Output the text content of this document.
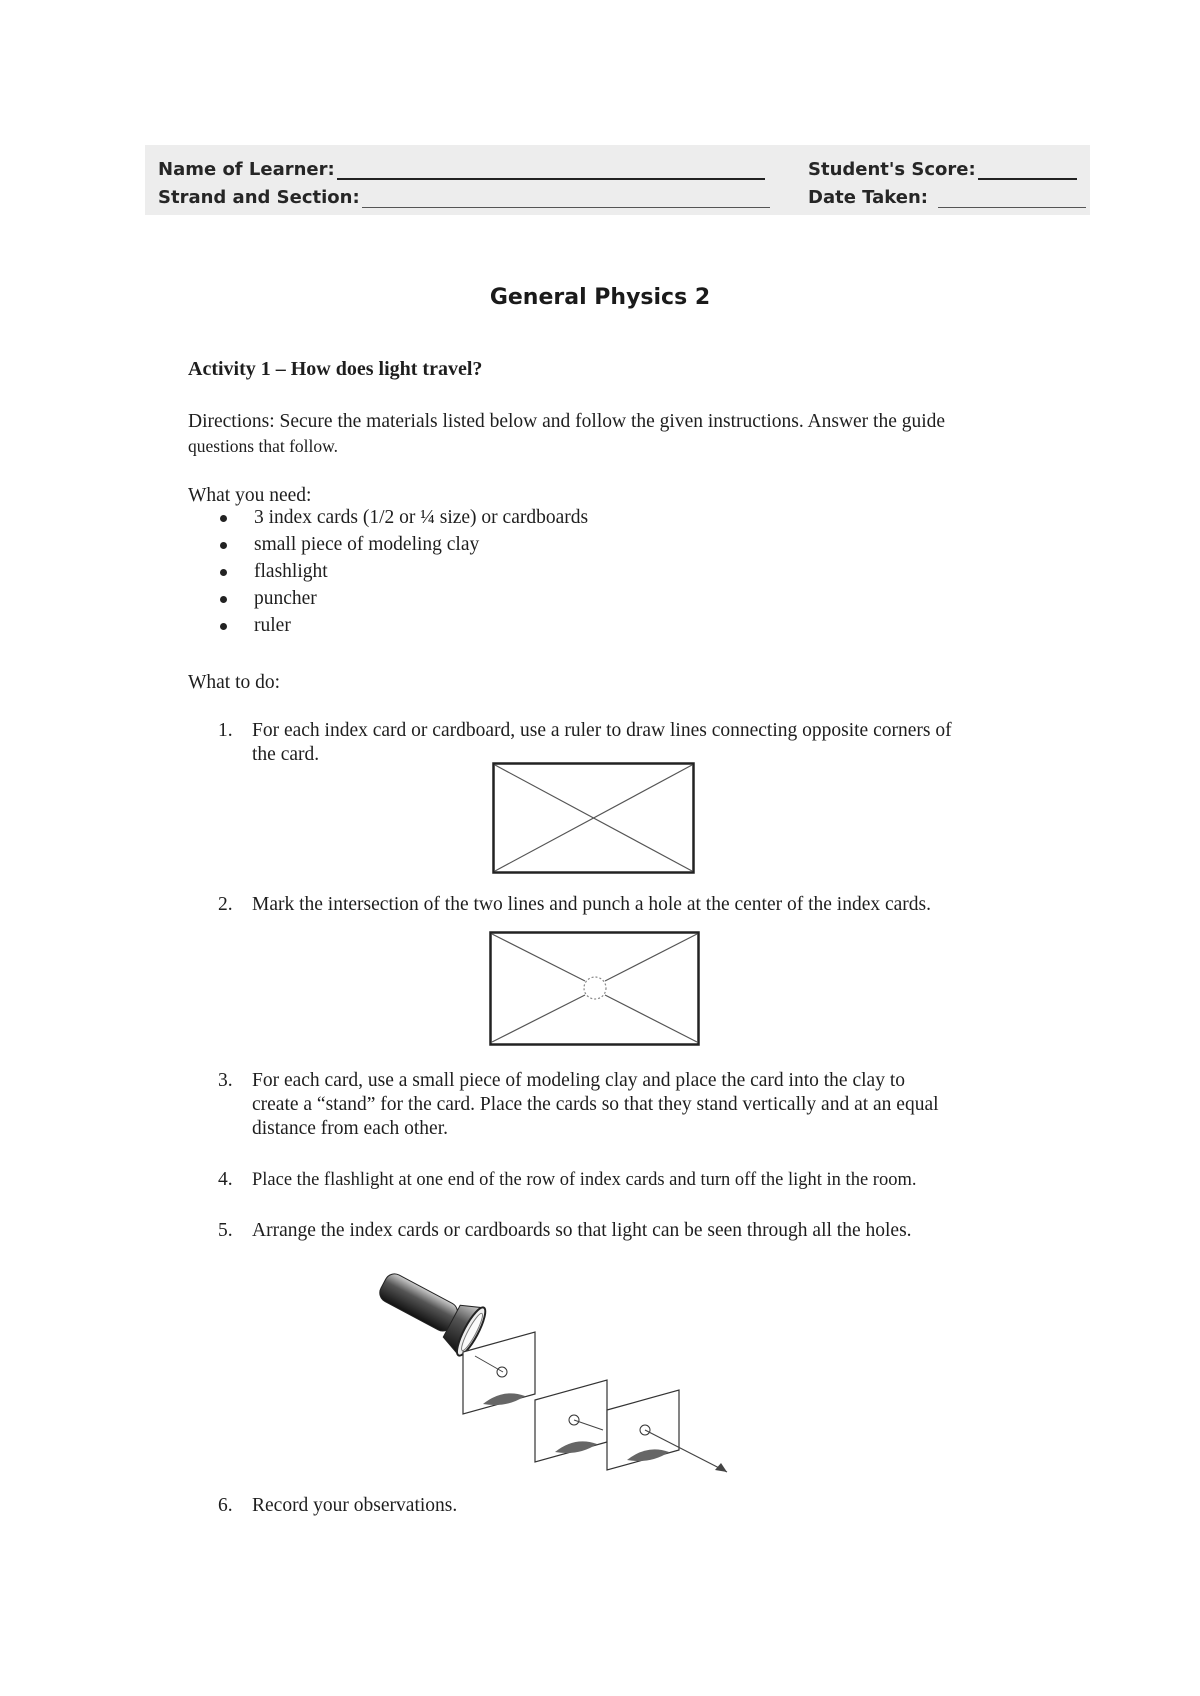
Name of Learner:
Strand and Section:
Student's Score:
Date Taken:
General Physics 2
Activity 1 – How does light travel?
Directions: Secure the materials listed below and follow the given instructions. Answer the guide
questions that follow.
What you need:
3 index cards (1/2 or ¼ size) or cardboards
small piece of modeling clay
flashlight
puncher
ruler
What to do:
1. For each index card or cardboard, use a ruler to draw lines connecting opposite corners of
the card.
2. Mark the intersection of the two lines and punch a hole at the center of the index cards.
3. For each card, use a small piece of modeling clay and place the card into the clay to
create a “stand” for the card. Place the cards so that they stand vertically and at an equal
distance from each other.
4.	Place the flashlight at one end of the row of index cards and turn off the light in the room.
5. Arrange the index cards or cardboards so that light can be seen through all the holes.
6. Record your observations.
